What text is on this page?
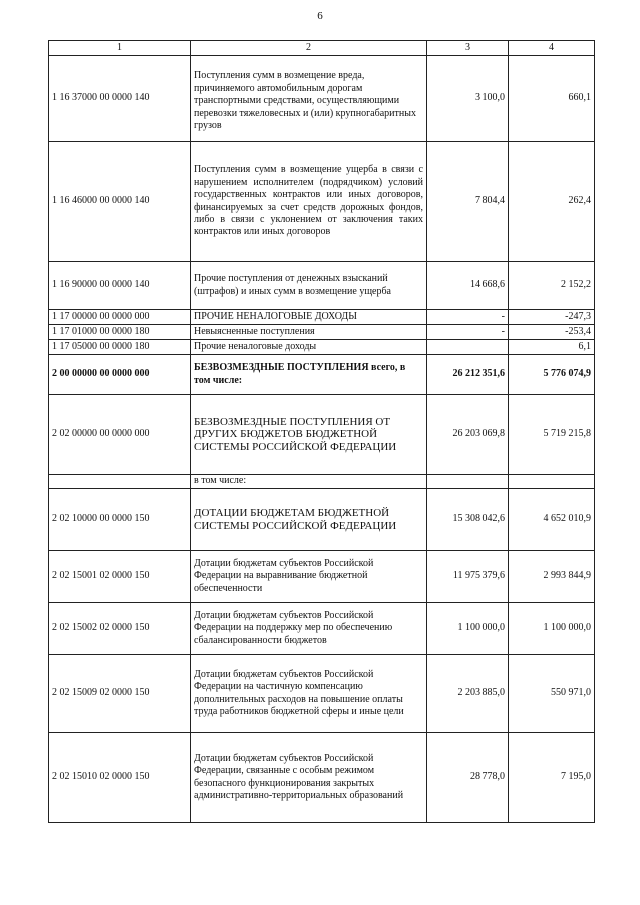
6
1	2	3	4
1 16 37000 00 0000 140	Поступления сумм в возмещение вреда, причиняемого автомобильным дорогам транспортными средствами, осуществляющими перевозки тяжеловесных и (или) крупногабаритных грузов	3 100,0	660,1
1 16 46000 00 0000 140	Поступления сумм в возмещение ущерба в связи с нарушением исполнителем (подрядчиком) условий государственных контрактов или иных договоров, финансируемых за счет средств дорожных фондов, либо в связи с уклонением от заключения таких контрактов или иных договоров	7 804,4	262,4
1 16 90000 00 0000 140	Прочие поступления от денежных взысканий (штрафов) и иных сумм в возмещение ущерба	14 668,6	2 152,2
1 17 00000 00 0000 000	ПРОЧИЕ НЕНАЛОГОВЫЕ ДОХОДЫ	-	-247,3
1 17 01000 00 0000 180	Невыясненные поступления	-	-253,4
1 17 05000 00 0000 180	Прочие неналоговые доходы		6,1
2 00 00000 00 0000 000	БЕЗВОЗМЕЗДНЫЕ ПОСТУПЛЕНИЯ всего, в том числе:	26 212 351,6	5 776 074,9
2 02 00000 00 0000 000	БЕЗВОЗМЕЗДНЫЕ ПОСТУПЛЕНИЯ ОТ ДРУГИХ БЮДЖЕТОВ БЮДЖЕТНОЙ СИСТЕМЫ РОССИЙСКОЙ ФЕДЕРАЦИИ	26 203 069,8	5 719 215,8
	в том числе:		
2 02 10000 00 0000 150	ДОТАЦИИ БЮДЖЕТАМ БЮДЖЕТНОЙ СИСТЕМЫ РОССИЙСКОЙ ФЕДЕРАЦИИ	15 308 042,6	4 652 010,9
2 02 15001 02 0000 150	Дотации бюджетам субъектов Российской Федерации на выравнивание бюджетной обеспеченности	11 975 379,6	2 993 844,9
2 02 15002 02 0000 150	Дотации бюджетам субъектов Российской Федерации на поддержку мер по обеспечению сбалансированности бюджетов	1 100 000,0	1 100 000,0
2 02 15009 02 0000 150	Дотации бюджетам субъектов Российской Федерации на частичную компенсацию дополнительных расходов на повышение оплаты труда работников бюджетной сферы и иные цели	2 203 885,0	550 971,0
2 02 15010 02 0000 150	Дотации бюджетам субъектов Российской Федерации, связанные с особым режимом безопасного функционирования закрытых административно-территориальных образований	28 778,0	7 195,0
